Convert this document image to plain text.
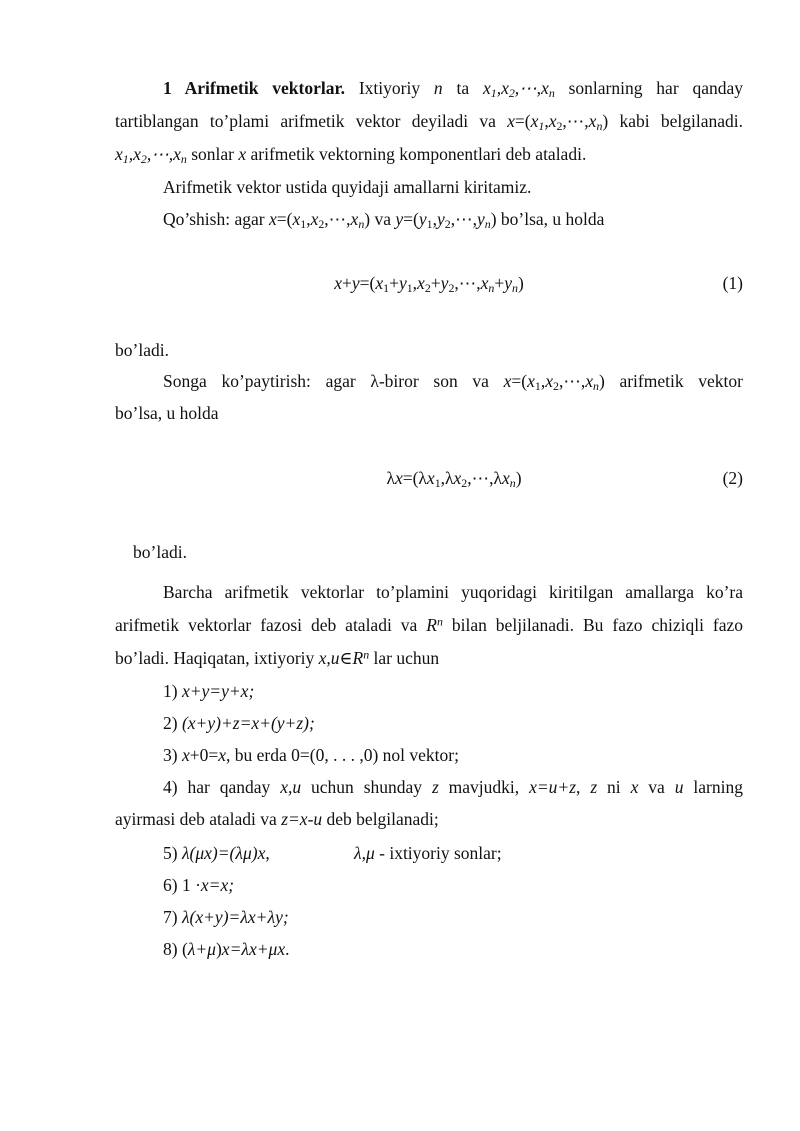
1 Arifmetik vektorlar. Ixtiyoriy n ta $x_1,x_2,\cdots,x_n$ sonlarning har qanday
tartiblangan to’plami arifmetik vektor deyiladi va $x=(x_1,x_2,\cdots,x_n)$ kabi belgilanadi.
$x_1,x_2,\cdots,x_n$ sonlar x arifmetik vektorning komponentlari deb ataladi.
Arifmetik vektor ustida quyidaji amallarni kiritamiz.
Qo’shish: agar $x=(x_1,x_2,\cdots,x_n)$ va $y=(y_1,y_2,\cdots,y_n)$ bo’lsa, u holda
$x+y=(x_1+y_1,x_2+y_2,\cdots,x_n+y_n)$	(1)
bo’ladi.
Songa ko’paytirish: agar λ-biror son va $x=(x_1,x_2,\cdots,x_n)$ arifmetik vektor
bo’lsa, u holda
$\lambda x=(\lambda x_1,\lambda x_2,\cdots,\lambda x_n)$	(2)
bo’ladi.
Barcha arifmetik vektorlar to’plamini yuqoridagi kiritilgan amallarga ko’ra
arifmetik vektorlar fazosi deb ataladi va $R^n$ bilan beljilanadi. Bu fazo chiziqli fazo
bo’ladi. Haqiqatan, ixtiyoriy $x,u\in R^n$ lar uchun
1) x+y=y+x;
2) (x+y)+z=x+(y+z);
3) x+0=x, bu erda 0=(0, . . . ,0) nol vektor;
4) har qanday x,u uchun shunday z mavjudki, x=u+z, z ni x va u larning
ayirmasi deb ataladi va z=x-u deb belgilanadi;
5) λ(μx)=(λμ)x,	λ,μ - ixtiyoriy sonlar;
6) 1 ·x=x;
7) λ(x+y)=λx+λy;
8) (λ+μ)x=λx+μx.
